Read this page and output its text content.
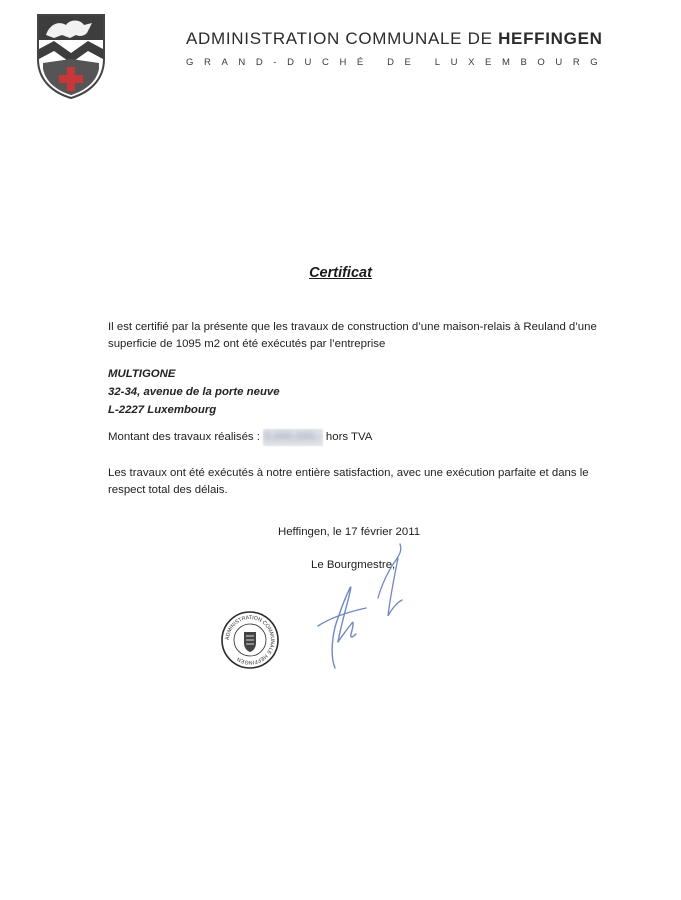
ADMINISTRATION COMMUNALE DE HEFFINGEN
GRAND-DUCHÉ DE LUXEMBOURG
Certificat
Il est certifié par la présente que les travaux de construction d’une maison-relais à Reuland d’une superficie de 1095 m2 ont été exécutés par l’entreprise
MULTIGONE
32-34, avenue de la porte neuve
L-2227 Luxembourg
Montant des travaux réalisés : 0.000.000.- hors TVA
Les travaux ont été exécutés à notre entière satisfaction, avec une exécution parfaite et dans le respect total des délais.
Heffingen, le 17 février 2011
Le Bourgmestre,
ADMINISTRATION COMMUNALE HEFFINGEN
